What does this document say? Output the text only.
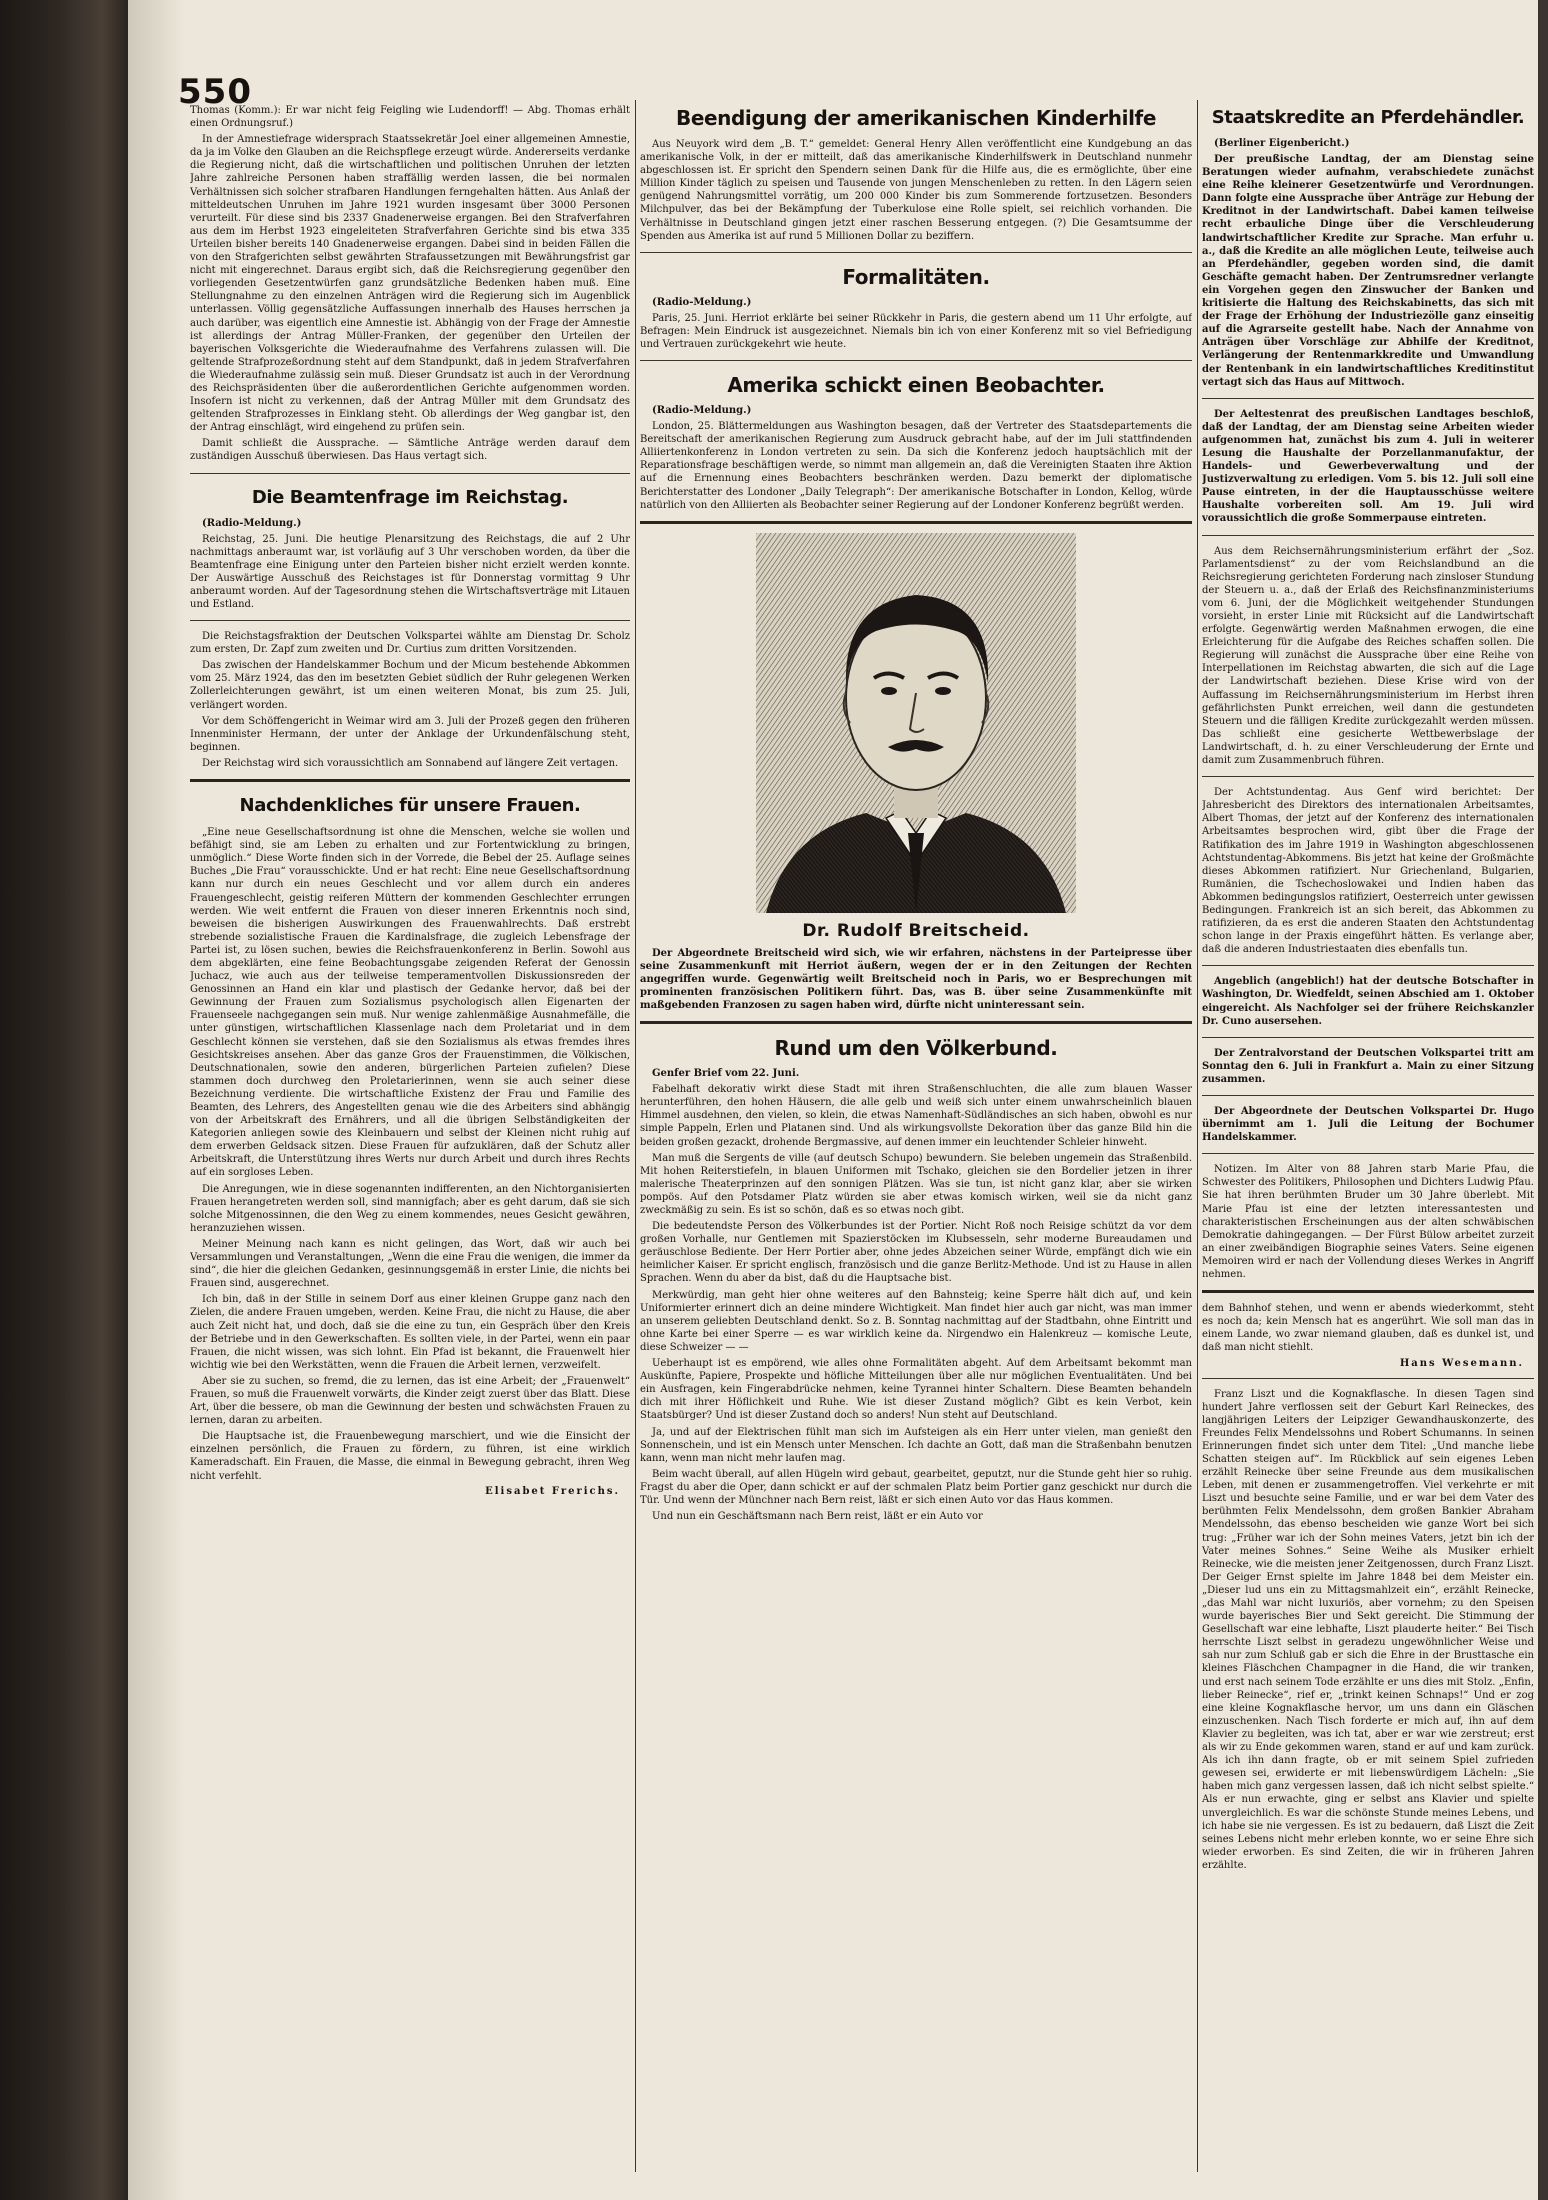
550

Thomas (Komm.): Er war nicht feig Feigling wie Ludendorff! — Abg. Thomas erhält einen Ordnungsruf.)

In der Amnestiefrage widersprach Staatssekretär Joel einer allgemeinen Amnestie, da ja im Volke den Glauben an die Reichspflege erzeugt würde. Andererseits verdanke die Regierung nicht, daß die wirtschaftlichen und politischen Unruhen der letzten Jahre zahlreiche Personen haben straffällig werden lassen, die bei normalen Verhältnissen sich solcher strafbaren Handlungen ferngehalten hätten. Aus Anlaß der mitteldeutschen Unruhen im Jahre 1921 wurden insgesamt über 3000 Personen verurteilt. Für diese sind bis 2337 Gnadenerweise ergangen. Bei den Strafverfahren aus dem im Herbst 1923 eingeleiteten Strafverfahren Gerichte sind bis etwa 335 Urteilen bisher bereits 140 Gnadenerweise ergangen. Dabei sind in beiden Fällen die von den Strafgerichten selbst gewährten Strafaussetzungen mit Bewährungsfrist gar nicht mit eingerechnet. Daraus ergibt sich, daß die Reichsregierung gegenüber den vorliegenden Gesetzentwürfen ganz grundsätzliche Bedenken haben muß. Eine Stellungnahme zu den einzelnen Anträgen wird die Regierung sich im Augenblick unterlassen. Völlig gegensätzliche Auffassungen innerhalb des Hauses herrschen ja auch darüber, was eigentlich eine Amnestie ist. Abhängig von der Frage der Amnestie ist allerdings der Antrag Müller-Franken, der gegenüber den Urteilen der bayerischen Volksgerichte die Wiederaufnahme des Verfahrens zulassen will. Die geltende Strafprozeßordnung steht auf dem Standpunkt, daß in jedem Strafverfahren die Wiederaufnahme zulässig sein muß. Dieser Grundsatz ist auch in der Verordnung des Reichspräsidenten über die außerordentlichen Gerichte aufgenommen worden. Insofern ist nicht zu verkennen, daß der Antrag Müller mit dem Grundsatz des geltenden Strafprozesses in Einklang steht. Ob allerdings der Weg gangbar ist, den der Antrag einschlägt, wird eingehend zu prüfen sein.

Damit schließt die Aussprache. — Sämtliche Anträge werden darauf dem zuständigen Ausschuß überwiesen. Das Haus vertagt sich.

Die Beamtenfrage im Reichstag.
(Radio-Meldung.)

Reichstag, 25. Juni. Die heutige Plenarsitzung des Reichstags, die auf 2 Uhr nachmittags anberaumt war, ist vorläufig auf 3 Uhr verschoben worden, da über die Beamtenfrage eine Einigung unter den Parteien bisher nicht erzielt werden konnte. Der Auswärtige Ausschuß des Reichstages ist für Donnerstag vormittag 9 Uhr anberaumt worden. Auf der Tagesordnung stehen die Wirtschaftsverträge mit Litauen und Estland.

Die Reichstagsfraktion der Deutschen Volkspartei wählte am Dienstag Dr. Scholz zum ersten, Dr. Zapf zum zweiten und Dr. Curtius zum dritten Vorsitzenden.

Das zwischen der Handelskammer Bochum und der Micum bestehende Abkommen vom 25. März 1924, das den im besetzten Gebiet südlich der Ruhr gelegenen Werken Zollerleichterungen gewährt, ist um einen weiteren Monat, bis zum 25. Juli, verlängert worden.

Vor dem Schöffengericht in Weimar wird am 3. Juli der Prozeß gegen den früheren Innenminister Hermann, der unter der Anklage der Urkundenfälschung steht, beginnen.

Der Reichstag wird sich voraussichtlich am Sonnabend auf längere Zeit vertagen.

Nachdenkliches für unsere Frauen.

„Eine neue Gesellschaftsordnung ist ohne die Menschen, welche sie wollen und befähigt sind, sie am Leben zu erhalten und zur Fortentwicklung zu bringen, unmöglich.“ Diese Worte finden sich in der Vorrede, die Bebel der 25. Auflage seines Buches „Die Frau“ vorausschickte. Und er hat recht: Eine neue Gesellschaftsordnung kann nur durch ein neues Geschlecht und vor allem durch ein anderes Frauengeschlecht, geistig reiferen Müttern der kommenden Geschlechter errungen werden. Wie weit entfernt die Frauen von dieser inneren Erkenntnis noch sind, beweisen die bisherigen Auswirkungen des Frauenwahlrechts. Daß erstrebt strebende sozialistische Frauen die Kardinalsfrage, die zugleich Lebensfrage der Partei ist, zu lösen suchen, bewies die Reichsfrauenkonferenz in Berlin. Sowohl aus dem abgeklärten, eine feine Beobachtungsgabe zeigenden Referat der Genossin Juchacz, wie auch aus der teilweise temperamentvollen Diskussionsreden der Genossinnen an Hand ein klar und plastisch der Gedanke hervor, daß bei der Gewinnung der Frauen zum Sozialismus psychologisch allen Eigenarten der Frauenseele nachgegangen sein muß. Nur wenige zahlenmäßige Ausnahmefälle, die unter günstigen, wirtschaftlichen Klassenlage nach dem Proletariat und in dem Geschlecht können sie verstehen, daß sie den Sozialismus als etwas fremdes ihres Gesichtskreises ansehen. Aber das ganze Gros der Frauenstimmen, die Völkischen, Deutschnationalen, sowie den anderen, bürgerlichen Parteien zufielen? Diese stammen doch durchweg den Proletarierinnen, wenn sie auch seiner diese Bezeichnung verdiente. Die wirtschaftliche Existenz der Frau und Familie des Beamten, des Lehrers, des Angestellten genau wie die des Arbeiters sind abhängig von der Arbeitskraft des Ernährers, und all die übrigen Selbständigkeiten der Kategorien anliegen sowie des Kleinbauern und selbst der Kleinen nicht ruhig auf dem erwerben Geldsack sitzen. Diese Frauen für aufzuklären, daß der Schutz aller Arbeitskraft, die Unterstützung ihres Werts nur durch Arbeit und durch ihres Rechts auf ein sorgloses Leben.

Die Anregungen, wie in diese sogenannten indifferenten, an den Nichtorganisierten Frauen herangetreten werden soll, sind mannigfach; aber es geht darum, daß sie sich solche Mitgenossinnen, die den Weg zu einem kommendes, neues Gesicht gewähren, heranzuziehen wissen.

Meiner Meinung nach kann es nicht gelingen, das Wort, daß wir auch bei Versammlungen und Veranstaltungen, „Wenn die eine Frau die wenigen, die immer da sind“, die hier die gleichen Gedanken, gesinnungsgemäß in erster Linie, die nichts bei Frauen sind, ausgerechnet.

Ich bin, daß in der Stille in seinem Dorf aus einer kleinen Gruppe ganz nach den Zielen, die andere Frauen umgeben, werden. Keine Frau, die nicht zu Hause, die aber auch Zeit nicht hat, und doch, daß sie die eine zu tun, ein Gespräch über den Kreis der Betriebe und in den Gewerkschaften. Es sollten viele, in der Partei, wenn ein paar Frauen, die nicht wissen, was sich lohnt. Ein Pfad ist bekannt, die Frauenwelt hier wichtig wie bei den Werkstätten, wenn die Frauen die Arbeit lernen, verzweifelt.

Aber sie zu suchen, so fremd, die zu lernen, das ist eine Arbeit; der „Frauenwelt“ Frauen, so muß die Frauenwelt vorwärts, die Kinder zeigt zuerst über das Blatt. Diese Art, über die bessere, ob man die Gewinnung der besten und schwächsten Frauen zu lernen, daran zu arbeiten.

Die Hauptsache ist, die Frauenbewegung marschiert, und wie die Einsicht der einzelnen persönlich, die Frauen zu fördern, zu führen, ist eine wirklich Kameradschaft. Ein Frauen, die Masse, die einmal in Bewegung gebracht, ihren Weg nicht verfehlt.

Elisabet Frerichs.
Beendigung der amerikanischen Kinderhilfe

Aus Neuyork wird dem „B. T.“ gemeldet: General Henry Allen veröffentlicht eine Kundgebung an das amerikanische Volk, in der er mitteilt, daß das amerikanische Kinderhilfswerk in Deutschland nunmehr abgeschlossen ist. Er spricht den Spendern seinen Dank für die Hilfe aus, die es ermöglichte, über eine Million Kinder täglich zu speisen und Tausende von jungen Menschenleben zu retten. In den Lägern seien genügend Nahrungsmittel vorrätig, um 200 000 Kinder bis zum Sommerende fortzusetzen. Besonders Milchpulver, das bei der Bekämpfung der Tuberkulose eine Rolle spielt, sei reichlich vorhanden. Die Verhältnisse in Deutschland gingen jetzt einer raschen Besserung entgegen. (?) Die Gesamtsumme der Spenden aus Amerika ist auf rund 5 Millionen Dollar zu beziffern.

Formalitäten.
(Radio-Meldung.)

Paris, 25. Juni. Herriot erklärte bei seiner Rückkehr in Paris, die gestern abend um 11 Uhr erfolgte, auf Befragen: Mein Eindruck ist ausgezeichnet. Niemals bin ich von einer Konferenz mit so viel Befriedigung und Vertrauen zurückgekehrt wie heute.

Amerika schickt einen Beobachter.
(Radio-Meldung.)

London, 25. Blättermeldungen aus Washington besagen, daß der Vertreter des Staatsdepartements die Bereitschaft der amerikanischen Regierung zum Ausdruck gebracht habe, auf der im Juli stattfindenden Alliiertenkonferenz in London vertreten zu sein. Da sich die Konferenz jedoch hauptsächlich mit der Reparationsfrage beschäftigen werde, so nimmt man allgemein an, daß die Vereinigten Staaten ihre Aktion auf die Ernennung eines Beobachters beschränken werden. Dazu bemerkt der diplomatische Berichterstatter des Londoner „Daily Telegraph“: Der amerikanische Botschafter in London, Kellog, würde natürlich von den Alliierten als Beobachter seiner Regierung auf der Londoner Konferenz begrüßt werden.

Dr. Rudolf Breitscheid.

Der Abgeordnete Breitscheid wird sich, wie wir erfahren, nächstens in der Parteipresse über seine Zusammenkunft mit Herriot äußern, wegen der er in den Zeitungen der Rechten angegriffen wurde. Gegenwärtig weilt Breitscheid noch in Paris, wo er Besprechungen mit prominenten französischen Politikern führt. Das, was B. über seine Zusammenkünfte mit maßgebenden Franzosen zu sagen haben wird, dürfte nicht uninteressant sein.

Rund um den Völkerbund.
Genfer Brief vom 22. Juni.

Fabelhaft dekorativ wirkt diese Stadt mit ihren Straßenschluchten, die alle zum blauen Wasser herunterführen, den hohen Häusern, die alle gelb und weiß sich unter einem unwahrscheinlich blauen Himmel ausdehnen, den vielen, so klein, die etwas Namenhaft-Südländisches an sich haben, obwohl es nur simple Pappeln, Erlen und Platanen sind. Und als wirkungsvollste Dekoration über das ganze Bild hin die beiden großen gezackt, drohende Bergmassive, auf denen immer ein leuchtender Schleier hinweht.

Man muß die Sergents de ville (auf deutsch Schupo) bewundern. Sie beleben ungemein das Straßenbild. Mit hohen Reiterstiefeln, in blauen Uniformen mit Tschako, gleichen sie den Bordelier jetzen in ihrer malerische Theaterprinzen auf den sonnigen Plätzen. Was sie tun, ist nicht ganz klar, aber sie wirken pompös. Auf den Potsdamer Platz würden sie aber etwas komisch wirken, weil sie da nicht ganz zweckmäßig zu sein. Es ist so schön, daß es so etwas noch gibt.

Die bedeutendste Person des Völkerbundes ist der Portier. Nicht Roß noch Reisige schützt da vor dem großen Vorhalle, nur Gentlemen mit Spazierstöcken im Klubsesseln, sehr moderne Bureaudamen und geräuschlose Bediente. Der Herr Portier aber, ohne jedes Abzeichen seiner Würde, empfängt dich wie ein heimlicher Kaiser. Er spricht englisch, französisch und die ganze Berlitz-Methode. Und ist zu Hause in allen Sprachen. Wenn du aber da bist, daß du die Hauptsache bist.

Merkwürdig, man geht hier ohne weiteres auf den Bahnsteig; keine Sperre hält dich auf, und kein Uniformierter erinnert dich an deine mindere Wichtigkeit. Man findet hier auch gar nicht, was man immer an unserem geliebten Deutschland denkt. So z. B. Sonntag nachmittag auf der Stadtbahn, ohne Eintritt und ohne Karte bei einer Sperre — es war wirklich keine da. Nirgendwo ein Halenkreuz — komische Leute, diese Schweizer — —

Ueberhaupt ist es empörend, wie alles ohne Formalitäten abgeht. Auf dem Arbeitsamt bekommt man Auskünfte, Papiere, Prospekte und höfliche Mitteilungen über alle nur möglichen Eventualitäten. Und bei ein Ausfragen, kein Fingerabdrücke nehmen, keine Tyrannei hinter Schaltern. Diese Beamten behandeln dich mit ihrer Höflichkeit und Ruhe. Wie ist dieser Zustand möglich? Gibt es kein Verbot, kein Staatsbürger? Und ist dieser Zustand doch so anders! Nun steht auf Deutschland.

Ja, und auf der Elektrischen fühlt man sich im Aufsteigen als ein Herr unter vielen, man genießt den Sonnenschein, und ist ein Mensch unter Menschen. Ich dachte an Gott, daß man die Straßenbahn benutzen kann, wenn man nicht mehr laufen mag.

Beim wacht überall, auf allen Hügeln wird gebaut, gearbeitet, geputzt, nur die Stunde geht hier so ruhig. Fragst du aber die Oper, dann schickt er auf der schmalen Platz beim Portier ganz geschickt nur durch die Tür. Und wenn der Münchner nach Bern reist, läßt er sich einen Auto vor das Haus kommen.

Und nun ein Geschäftsmann nach Bern reist, läßt er ein Auto vor

Staatskredite an Pferdehändler.
(Berliner Eigenbericht.)

Der preußische Landtag, der am Dienstag seine Beratungen wieder aufnahm, verabschiedete zunächst eine Reihe kleinerer Gesetzentwürfe und Verordnungen. Dann folgte eine Aussprache über Anträge zur Hebung der Kreditnot in der Landwirtschaft. Dabei kamen teilweise recht erbauliche Dinge über die Verschleuderung landwirtschaftlicher Kredite zur Sprache. Man erfuhr u. a., daß die Kredite an alle möglichen Leute, teilweise auch an Pferdehändler, gegeben worden sind, die damit Geschäfte gemacht haben. Der Zentrumsredner verlangte ein Vorgehen gegen den Zinswucher der Banken und kritisierte die Haltung des Reichskabinetts, das sich mit der Frage der Erhöhung der Industriezölle ganz einseitig auf die Agrarseite gestellt habe. Nach der Annahme von Anträgen über Vorschläge zur Abhilfe der Kreditnot, Verlängerung der Rentenmarkkredite und Umwandlung der Rentenbank in ein landwirtschaftliches Kreditinstitut vertagt sich das Haus auf Mittwoch.

Der Aeltestenrat des preußischen Landtages beschloß, daß der Landtag, der am Dienstag seine Arbeiten wieder aufgenommen hat, zunächst bis zum 4. Juli in weiterer Lesung die Haushalte der Porzellanmanufaktur, der Handels- und Gewerbeverwaltung und der Justizverwaltung zu erledigen. Vom 5. bis 12. Juli soll eine Pause eintreten, in der die Hauptausschüsse weitere Haushalte vorbereiten soll. Am 19. Juli wird voraussichtlich die große Sommerpause eintreten.

Aus dem Reichsernährungsministerium erfährt der „Soz. Parlamentsdienst“ zu der vom Reichslandbund an die Reichsregierung gerichteten Forderung nach zinsloser Stundung der Steuern u. a., daß der Erlaß des Reichsfinanzministeriums vom 6. Juni, der die Möglichkeit weitgehender Stundungen vorsieht, in erster Linie mit Rücksicht auf die Landwirtschaft erfolgte. Gegenwärtig werden Maßnahmen erwogen, die eine Erleichterung für die Aufgabe des Reiches schaffen sollen. Die Regierung will zunächst die Aussprache über eine Reihe von Interpellationen im Reichstag abwarten, die sich auf die Lage der Landwirtschaft beziehen. Diese Krise wird von der Auffassung im Reichsernährungsministerium im Herbst ihren gefährlichsten Punkt erreichen, weil dann die gestundeten Steuern und die fälligen Kredite zurückgezahlt werden müssen. Das schließt eine gesicherte Wettbewerbslage der Landwirtschaft, d. h. zu einer Verschleuderung der Ernte und damit zum Zusammenbruch führen.

Der Achtstundentag. Aus Genf wird berichtet: Der Jahresbericht des Direktors des internationalen Arbeitsamtes, Albert Thomas, der jetzt auf der Konferenz des internationalen Arbeitsamtes besprochen wird, gibt über die Frage der Ratifikation des im Jahre 1919 in Washington abgeschlossenen Achtstundentag-Abkommens. Bis jetzt hat keine der Großmächte dieses Abkommen ratifiziert. Nur Griechenland, Bulgarien, Rumänien, die Tschechoslowakei und Indien haben das Abkommen bedingungslos ratifiziert, Oesterreich unter gewissen Bedingungen. Frankreich ist an sich bereit, das Abkommen zu ratifizieren, da es erst die anderen Staaten den Achtstundentag schon lange in der Praxis eingeführt hätten. Es verlange aber, daß die anderen Industriestaaten dies ebenfalls tun.

Angeblich (angeblich!) hat der deutsche Botschafter in Washington, Dr. Wiedfeldt, seinen Abschied am 1. Oktober eingereicht. Als Nachfolger sei der frühere Reichskanzler Dr. Cuno ausersehen.

Der Zentralvorstand der Deutschen Volkspartei tritt am Sonntag den 6. Juli in Frankfurt a. Main zu einer Sitzung zusammen.

Der Abgeordnete der Deutschen Volkspartei Dr. Hugo übernimmt am 1. Juli die Leitung der Bochumer Handelskammer.

Notizen. Im Alter von 88 Jahren starb Marie Pfau, die Schwester des Politikers, Philosophen und Dichters Ludwig Pfau. Sie hat ihren berühmten Bruder um 30 Jahre überlebt. Mit Marie Pfau ist eine der letzten interessantesten und charakteristischen Erscheinungen aus der alten schwäbischen Demokratie dahingegangen. — Der Fürst Bülow arbeitet zurzeit an einer zweibändigen Biographie seines Vaters. Seine eigenen Memoiren wird er nach der Vollendung dieses Werkes in Angriff nehmen.

dem Bahnhof stehen, und wenn er abends wiederkommt, steht es noch da; kein Mensch hat es angerührt. Wie soll man das in einem Lande, wo zwar niemand glauben, daß es dunkel ist, und daß man nicht stiehlt.

Hans Wesemann.

Franz Liszt und die Kognakflasche. In diesen Tagen sind hundert Jahre verflossen seit der Geburt Karl Reineckes, des langjährigen Leiters der Leipziger Gewandhauskonzerte, des Freundes Felix Mendelssohns und Robert Schumanns. In seinen Erinnerungen findet sich unter dem Titel: „Und manche liebe Schatten steigen auf“. Im Rückblick auf sein eigenes Leben erzählt Reinecke über seine Freunde aus dem musikalischen Leben, mit denen er zusammengetroffen. Viel verkehrte er mit Liszt und besuchte seine Familie, und er war bei dem Vater des berühmten Felix Mendelssohn, dem großen Bankier Abraham Mendelssohn, das ebenso bescheiden wie ganze Wort bei sich trug: „Früher war ich der Sohn meines Vaters, jetzt bin ich der Vater meines Sohnes.“ Seine Weihe als Musiker erhielt Reinecke, wie die meisten jener Zeitgenossen, durch Franz Liszt. Der Geiger Ernst spielte im Jahre 1848 bei dem Meister ein. „Dieser lud uns ein zu Mittagsmahlzeit ein“, erzählt Reinecke, „das Mahl war nicht luxuriös, aber vornehm; zu den Speisen wurde bayerisches Bier und Sekt gereicht. Die Stimmung der Gesellschaft war eine lebhafte, Liszt plauderte heiter.“ Bei Tisch herrschte Liszt selbst in geradezu ungewöhnlicher Weise und sah nur zum Schluß gab er sich die Ehre in der Brusttasche ein kleines Fläschchen Champagner in die Hand, die wir tranken, und erst nach seinem Tode erzählte er uns dies mit Stolz. „Enfin, lieber Reinecke“, rief er, „trinkt keinen Schnaps!“ Und er zog eine kleine Kognakflasche hervor, um uns dann ein Gläschen einzuschenken. Nach Tisch forderte er mich auf, ihn auf dem Klavier zu begleiten, was ich tat, aber er war wie zerstreut; erst als wir zu Ende gekommen waren, stand er auf und kam zurück. Als ich ihn dann fragte, ob er mit seinem Spiel zufrieden gewesen sei, erwiderte er mit liebenswürdigem Lächeln: „Sie haben mich ganz vergessen lassen, daß ich nicht selbst spielte.“ Als er nun erwachte, ging er selbst ans Klavier und spielte unvergleichlich. Es war die schönste Stunde meines Lebens, und ich habe sie nie vergessen. Es ist zu bedauern, daß Liszt die Zeit seines Lebens nicht mehr erleben konnte, wo er seine Ehre sich wieder erworben. Es sind Zeiten, die wir in früheren Jahren erzählte.
